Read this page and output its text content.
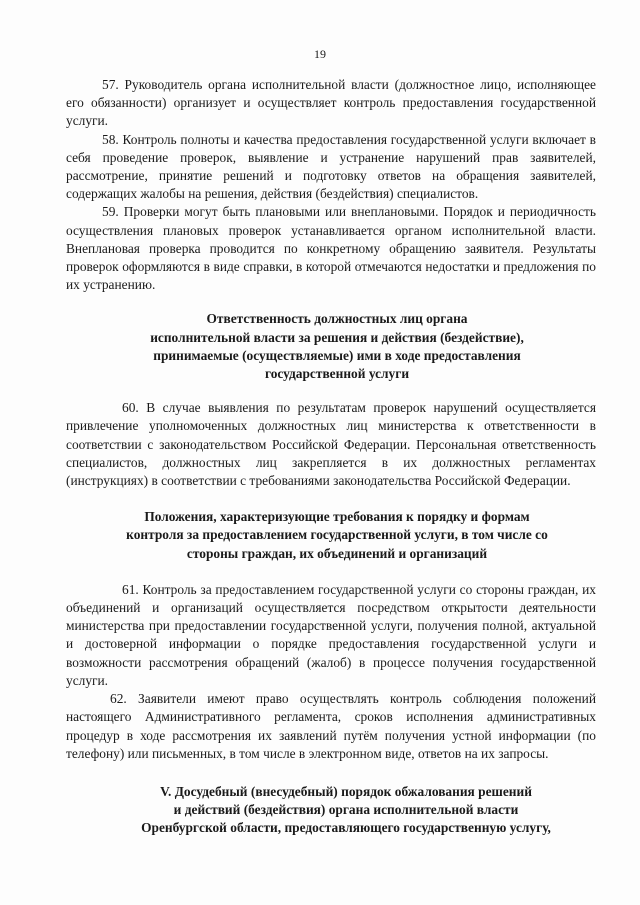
19

57. Руководитель органа исполнительной власти (должностное лицо, исполняющее его обязанности) организует и осуществляет контроль предоставления государственной услуги.

58. Контроль полноты и качества предоставления государственной услуги включает в себя проведение проверок, выявление и устранение нарушений прав заявителей, рассмотрение, принятие решений и подготовку ответов на обращения заявителей, содержащих жалобы на решения, действия (бездействия) специалистов.

59. Проверки могут быть плановыми или внеплановыми. Порядок и периодичность осуществления плановых проверок устанавливается органом исполнительной власти. Внеплановая проверка проводится по конкретному обращению заявителя. Результаты проверок оформляются в виде справки, в которой отмечаются недостатки и предложения по их устранению.

Ответственность должностных лиц органа
исполнительной власти за решения и действия (бездействие),
принимаемые (осуществляемые) ими в ходе предоставления
государственной услуги

60. В случае выявления по результатам проверок нарушений осуществляется привлечение уполномоченных должностных лиц министерства к ответственности в соответствии с законодательством Российской Федерации. Персональная ответственность специалистов, должностных лиц закрепляется в их должностных регламентах (инструкциях) в соответствии с требованиями законодательства Российской Федерации.

Положения, характеризующие требования к порядку и формам
контроля за предоставлением государственной услуги, в том числе со
стороны граждан, их объединений и организаций

61. Контроль за предоставлением государственной услуги со стороны граждан, их объединений и организаций осуществляется посредством открытости деятельности министерства при предоставлении государственной услуги, получения полной, актуальной и достоверной информации о порядке предоставления государственной услуги и возможности рассмотрения обращений (жалоб) в процессе получения государственной услуги.

62. Заявители имеют право осуществлять контроль соблюдения положений настоящего Административного регламента, сроков исполнения административных процедур в ходе рассмотрения их заявлений путём получения устной информации (по телефону) или письменных, в том числе в электронном виде, ответов на их запросы.

V. Досудебный (внесудебный) порядок обжалования решений
и действий (бездействия) органа исполнительной власти
Оренбургской области, предоставляющего государственную услугу,
